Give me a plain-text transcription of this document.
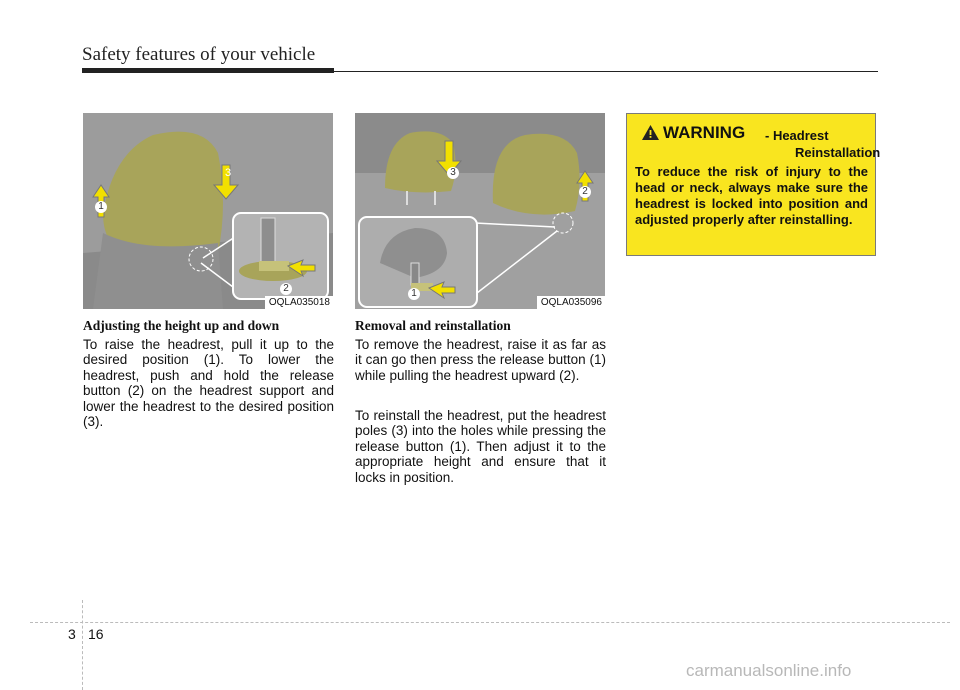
Safety features of your vehicle
1
2
3
OQLA035018
3
2
1
OQLA035096
Adjusting the height up and down

To raise the headrest, pull it up to the desired position (1). To lower the headrest, push and hold the release button (2) on the headrest support and lower the headrest to the desired position (3).

Removal and reinstallation

To remove the headrest, raise it as far as it can go then press the release button (1) while pulling the headrest upward (2).

To reinstall the headrest, put the headrest poles (3) into the holes while pressing the release button (1). Then adjust it to the appropriate height and ensure that it locks in position.

WARNING - Headrest
Reinstallation

To reduce the risk of injury to the head or neck, always make sure the headrest is locked into position and adjusted properly after reinstalling.

3 16
carmanualsonline.info
